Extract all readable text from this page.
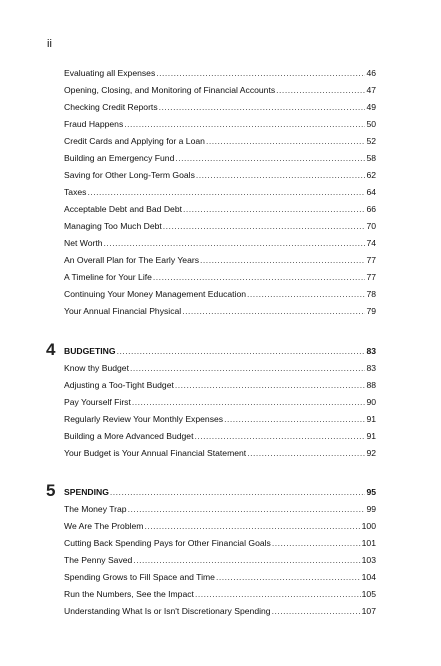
ii
Evaluating all Expenses .....	46
Opening, Closing, and Monitoring of Financial Accounts .....	47
Checking Credit Reports .....	49
Fraud Happens .....	50
Credit Cards and Applying for a Loan .....	52
Building an Emergency Fund .....	58
Saving for Other Long-Term Goals .....	62
Taxes .....	64
Acceptable Debt and Bad Debt .....	66
Managing Too Much Debt .....	70
Net Worth .....	74
An Overall Plan for The Early Years .....	77
A Timeline for Your Life .....	77
Continuing Your Money Management Education .....	78
Your Annual Financial Physical .....	79
4 BUDGETING .....	83
Know thy Budget .....	83
Adjusting a Too-Tight Budget .....	88
Pay Yourself First .....	90
Regularly Review Your Monthly Expenses .....	91
Building a More Advanced Budget .....	91
Your Budget is Your Annual Financial Statement .....	92
5 SPENDING .....	95
The Money Trap .....	99
We Are The Problem .....	100
Cutting Back Spending Pays for Other Financial Goals .....	101
The Penny Saved .....	103
Spending Grows to Fill Space and Time .....	104
Run the Numbers, See the Impact .....	105
Understanding What Is or Isn't Discretionary Spending .....	107
